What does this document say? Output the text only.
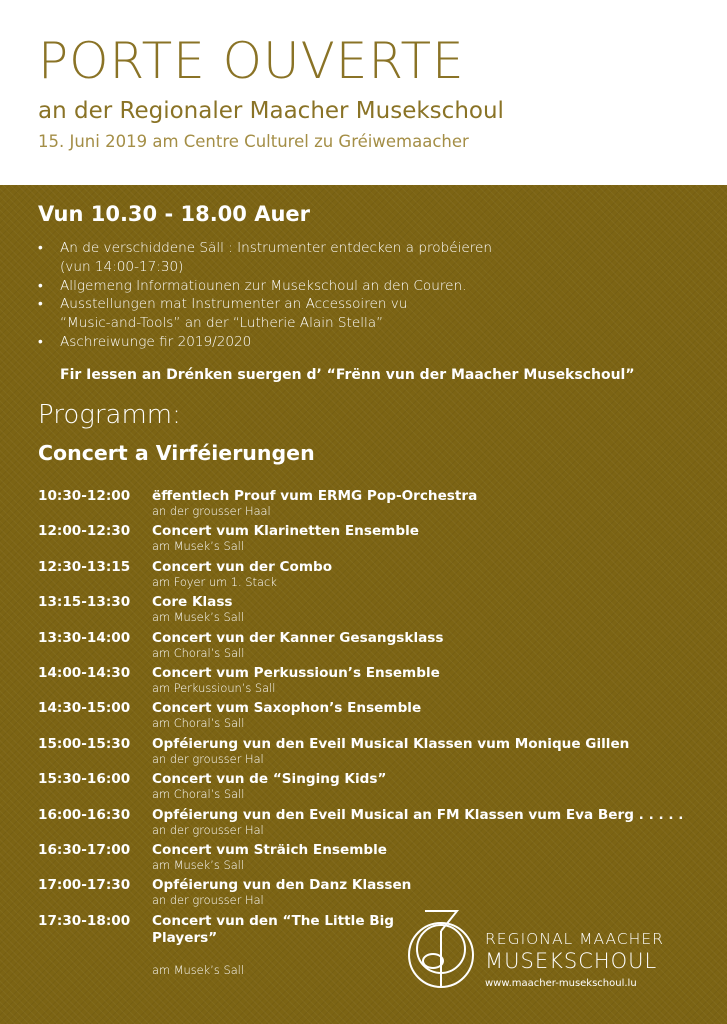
PORTE OUVERTE
an der Regionaler Maacher Musekschoul
15. Juni 2019 am Centre Culturel zu Gréiwemaacher
Vun 10.30 - 18.00 Auer
• An de verschiddene Säll : Instrumenter entdecken a probéieren
(vun 14:00-17:30)
• Allgemeng Informatiounen zur Musekschoul an den Couren.
• Ausstellungen mat Instrumenter an Accessoiren vu
“Music-and-Tools” an der “Lutherie Alain Stella”
• Aschreiwunge fir 2019/2020
Fir Iessen an Drénken suergen d’ “Frënn vun der Maacher Musekschoul”
Programm:
Concert a Virféierungen
10:30-12:00 ëffentlech Prouf vum ERMG Pop-Orchestra
an der grousser Haal
12:00-12:30 Concert vum Klarinetten Ensemble
am Musek’s Sall
12:30-13:15 Concert vun der Combo
am Foyer um 1. Stack
13:15-13:30 Core Klass
am Musek’s Sall
13:30-14:00 Concert vun der Kanner Gesangsklass
am Choral’s Sall
14:00-14:30 Concert vum Perkussioun’s Ensemble
am Perkussioun’s Sall
14:30-15:00 Concert vum Saxophon’s Ensemble
am Choral’s Sall
15:00-15:30 Opféierung vun den Eveil Musical Klassen vum Monique Gillen
an der grousser Hal
15:30-16:00 Concert vun de “Singing Kids”
am Choral’s Sall
16:00-16:30 Opféierung vun den Eveil Musical an FM Klassen vum Eva Berg . . . . .
an der grousser Hal
16:30-17:00 Concert vum Sträich Ensemble
am Musek’s Sall
17:00-17:30 Opféierung vun den Danz Klassen
an der grousser Hal
17:30-18:00 Concert vun den “The Little Big Players”
am Musek’s Sall
REGIONAL MAACHER
MUSEKSCHOUL
www.maacher-musekschoul.lu
